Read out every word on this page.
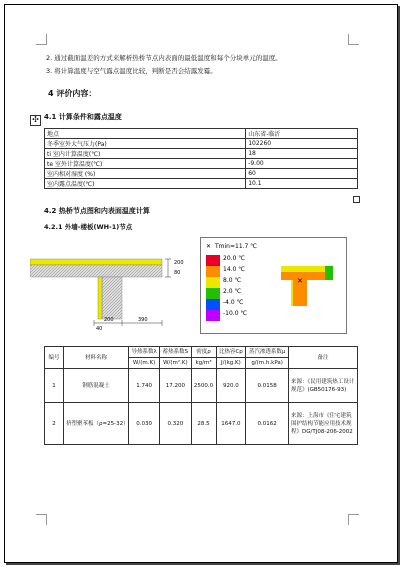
2. 通过截面温差的方式来解析热桥节点内表面的最低温度和每个分块单元的温度。
3. 将计算温度与空气露点温度比较，判断是否会结露发霉。
4 评价内容：
✣ 4.1 计算条件和露点温度
地点	山东省-临沂
冬季室外大气压力(Pa)	102260
ti 室内计算温度(℃)	18
te 室外计算温度(℃)	-9.00
室内相对湿度 (%)	60
室内露点温度(℃)	10.1
4.2 热桥节点图和内表面温度计算
4.2.1 外墙-楼板(WH-1)节点
200
80
200	390
40
✕ Tmin=11.7 ℃
20.0 ℃
14.0 ℃
8.0 ℃
2.0 ℃
-4.0 ℃
-10.0 ℃
✕
编号	材料名称	导热系数λ	蓄热系数S	密度ρ	比热容Cp	蒸汽渗透系数μ	备注
		W/(m.K)	W/(m².K)	kg/m³	J/(kg.K)	g/(m.h.kPa)	
1	钢筋混凝土	1.740	17.200	2500.0	920.0	0.0158	来源：《民用建筑热工设计规范》(GB50176-93)
2	挤塑聚苯板（ρ=25-32）	0.030	0.320	28.5	1647.0	0.0162	来源：上海市《住宅建筑围护结构节能应用技术规程》DG/TJ08-206-2002
